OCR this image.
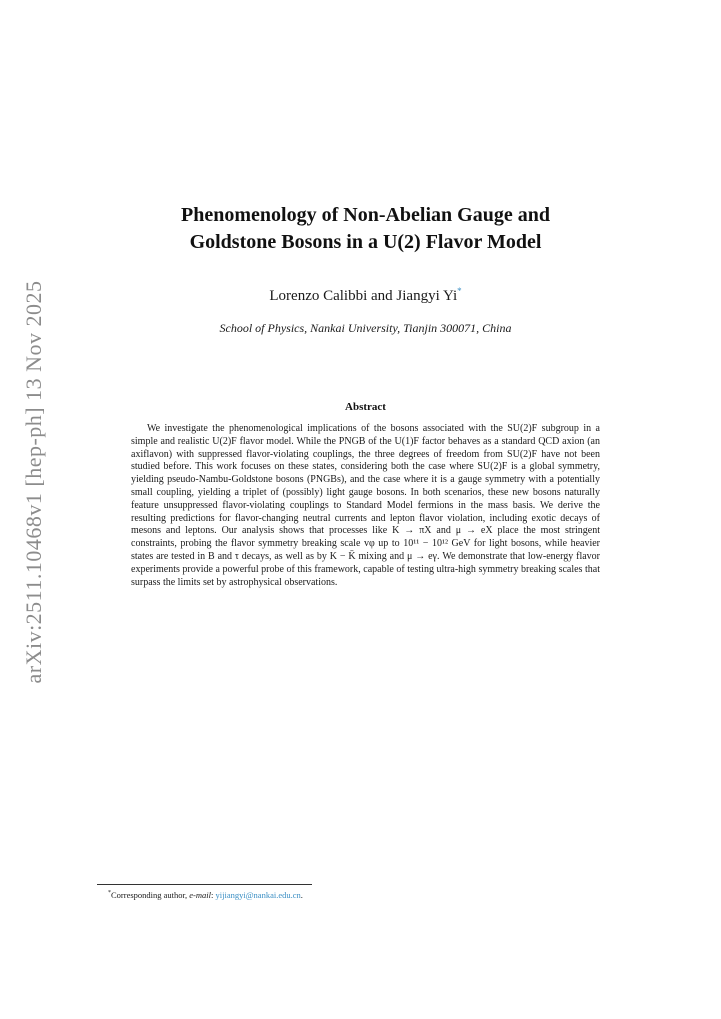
arXiv:2511.10468v1 [hep-ph] 13 Nov 2025
Phenomenology of Non-Abelian Gauge and
Goldstone Bosons in a U(2) Flavor Model
Lorenzo Calibbi and Jiangyi Yi*
School of Physics, Nankai University, Tianjin 300071, China
Abstract

We investigate the phenomenological implications of the bosons associated with the SU(2)F subgroup in a simple and realistic U(2)F flavor model. While the PNGB of the U(1)F factor behaves as a standard QCD axion (an axiflavon) with suppressed flavor-violating couplings, the three degrees of freedom from SU(2)F have not been studied before. This work focuses on these states, considering both the case where SU(2)F is a global symmetry, yielding pseudo-Nambu-Goldstone bosons (PNGBs), and the case where it is a gauge symmetry with a potentially small coupling, yielding a triplet of (possibly) light gauge bosons. In both scenarios, these new bosons naturally feature unsuppressed flavor-violating couplings to Standard Model fermions in the mass basis. We derive the resulting predictions for flavor-changing neutral currents and lepton flavor violation, including exotic decays of mesons and leptons. Our analysis shows that processes like K → πX and μ → eX place the most stringent constraints, probing the flavor symmetry breaking scale vφ up to 10¹¹ − 10¹² GeV for light bosons, while heavier states are tested in B and τ decays, as well as by K − K̄ mixing and μ → eγ. We demonstrate that low-energy flavor experiments provide a powerful probe of this framework, capable of testing ultra-high symmetry breaking scales that surpass the limits set by astrophysical observations.

*Corresponding author, e-mail: yijiangyi@nankai.edu.cn.
